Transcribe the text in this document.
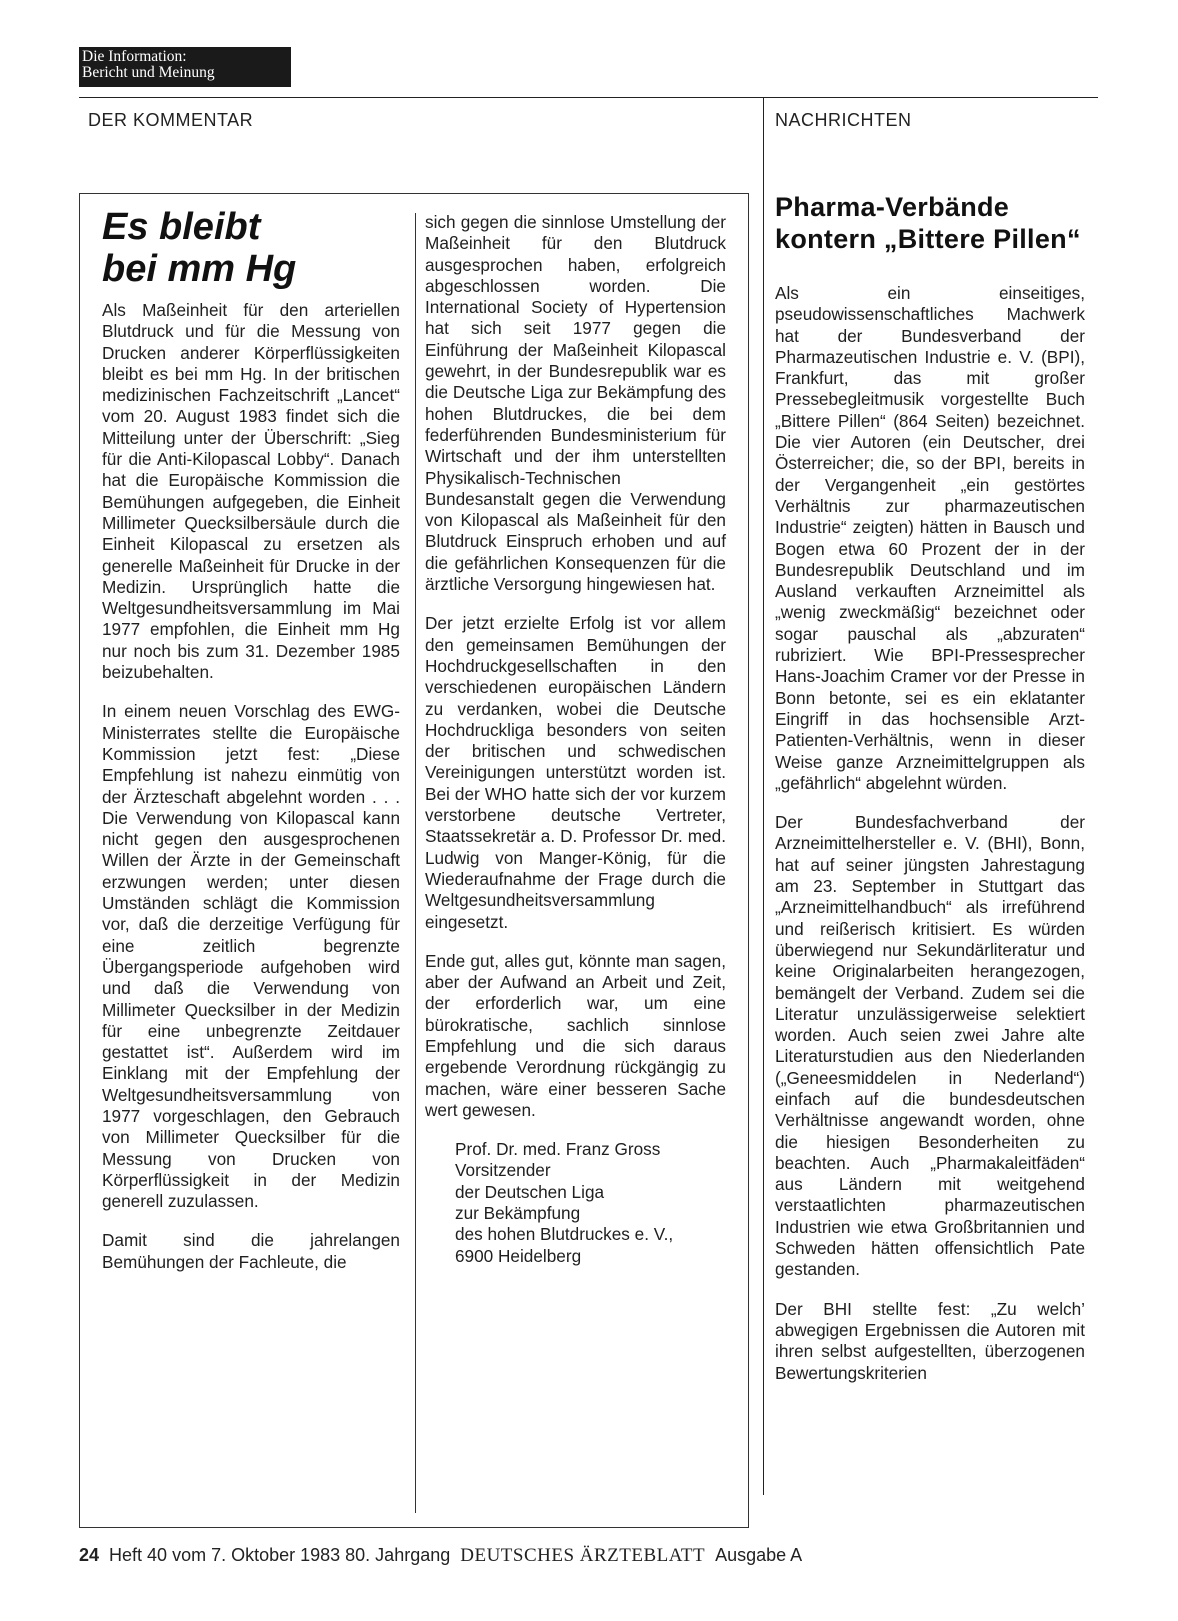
Die Information:
Bericht und Meinung
DER KOMMENTAR	NACHRICHTEN
Es bleibt
bei mm Hg

Als Maßeinheit für den arteriellen Blutdruck und für die Messung von Drucken anderer Körperflüssigkeiten bleibt es bei mm Hg. In der britischen medizinischen Fachzeitschrift „Lancet“ vom 20. August 1983 findet sich die Mitteilung unter der Überschrift: „Sieg für die Anti-Kilopascal Lobby“. Danach hat die Europäische Kommission die Bemühungen aufgegeben, die Einheit Millimeter Quecksilbersäule durch die Einheit Kilopascal zu ersetzen als generelle Maßeinheit für Drucke in der Medizin. Ursprünglich hatte die Weltgesundheitsversammlung im Mai 1977 empfohlen, die Einheit mm Hg nur noch bis zum 31. Dezember 1985 beizubehalten.

In einem neuen Vorschlag des EWG-Ministerrates stellte die Europäische Kommission jetzt fest: „Diese Empfehlung ist nahezu einmütig von der Ärzteschaft abgelehnt worden . . . Die Verwendung von Kilopascal kann nicht gegen den ausgesprochenen Willen der Ärzte in der Gemeinschaft erzwungen werden; unter diesen Umständen schlägt die Kommission vor, daß die derzeitige Verfügung für eine zeitlich begrenzte Übergangsperiode aufgehoben wird und daß die Verwendung von Millimeter Quecksilber in der Medizin für eine unbegrenzte Zeitdauer gestattet ist“. Außerdem wird im Einklang mit der Empfehlung der Weltgesundheitsversammlung von 1977 vorgeschlagen, den Gebrauch von Millimeter Quecksilber für die Messung von Drucken von Körperflüssigkeit in der Medizin generell zuzulassen.

Damit sind die jahrelangen Bemühungen der Fachleute, die

sich gegen die sinnlose Umstellung der Maßeinheit für den Blutdruck ausgesprochen haben, erfolgreich abgeschlossen worden. Die International Society of Hypertension hat sich seit 1977 gegen die Einführung der Maßeinheit Kilopascal gewehrt, in der Bundesrepublik war es die Deutsche Liga zur Bekämpfung des hohen Blutdruckes, die bei dem federführenden Bundesministerium für Wirtschaft und der ihm unterstellten Physikalisch-Technischen Bundesanstalt gegen die Verwendung von Kilopascal als Maßeinheit für den Blutdruck Einspruch erhoben und auf die gefährlichen Konsequenzen für die ärztliche Versorgung hingewiesen hat.

Der jetzt erzielte Erfolg ist vor allem den gemeinsamen Bemühungen der Hochdruckgesellschaften in den verschiedenen europäischen Ländern zu verdanken, wobei die Deutsche Hochdruckliga besonders von seiten der britischen und schwedischen Vereinigungen unterstützt worden ist. Bei der WHO hatte sich der vor kurzem verstorbene deutsche Vertreter, Staatssekretär a. D. Professor Dr. med. Ludwig von Manger-König, für die Wiederaufnahme der Frage durch die Weltgesundheitsversammlung eingesetzt.

Ende gut, alles gut, könnte man sagen, aber der Aufwand an Arbeit und Zeit, der erforderlich war, um eine bürokratische, sachlich sinnlose Empfehlung und die sich daraus ergebende Verordnung rückgängig zu machen, wäre einer besseren Sache wert gewesen.

Prof. Dr. med. Franz Gross
Vorsitzender
der Deutschen Liga
zur Bekämpfung
des hohen Blutdruckes e. V.,
6900 Heidelberg
Pharma-Verbände
kontern „Bittere Pillen“

Als ein einseitiges, pseudowissenschaftliches Machwerk hat der Bundesverband der Pharmazeutischen Industrie e. V. (BPI), Frankfurt, das mit großer Pressebegleitmusik vorgestellte Buch „Bittere Pillen“ (864 Seiten) bezeichnet. Die vier Autoren (ein Deutscher, drei Österreicher; die, so der BPI, bereits in der Vergangenheit „ein gestörtes Verhältnis zur pharmazeutischen Industrie“ zeigten) hätten in Bausch und Bogen etwa 60 Prozent der in der Bundesrepublik Deutschland und im Ausland verkauften Arzneimittel als „wenig zweckmäßig“ bezeichnet oder sogar pauschal als „abzuraten“ rubriziert. Wie BPI-Pressesprecher Hans-Joachim Cramer vor der Presse in Bonn betonte, sei es ein eklatanter Eingriff in das hochsensible Arzt-Patienten-Verhältnis, wenn in dieser Weise ganze Arzneimittelgruppen als „gefährlich“ abgelehnt würden.

Der Bundesfachverband der Arzneimittelhersteller e. V. (BHI), Bonn, hat auf seiner jüngsten Jahrestagung am 23. September in Stuttgart das „Arzneimittelhandbuch“ als irreführend und reißerisch kritisiert. Es würden überwiegend nur Sekundärliteratur und keine Originalarbeiten herangezogen, bemängelt der Verband. Zudem sei die Literatur unzulässigerweise selektiert worden. Auch seien zwei Jahre alte Literaturstudien aus den Niederlanden („Geneesmiddelen in Nederland“) einfach auf die bundesdeutschen Verhältnisse angewandt worden, ohne die hiesigen Besonderheiten zu beachten. Auch „Pharmakaleitfäden“ aus Ländern mit weitgehend verstaatlichten pharmazeutischen Industrien wie etwa Großbritannien und Schweden hätten offensichtlich Pate gestanden.

Der BHI stellte fest: „Zu welch’ abwegigen Ergebnissen die Autoren mit ihren selbst aufgestellten, überzogenen Bewertungskriterien

24 Heft 40 vom 7. Oktober 1983 80. Jahrgang DEUTSCHES ÄRZTEBLATT Ausgabe A
